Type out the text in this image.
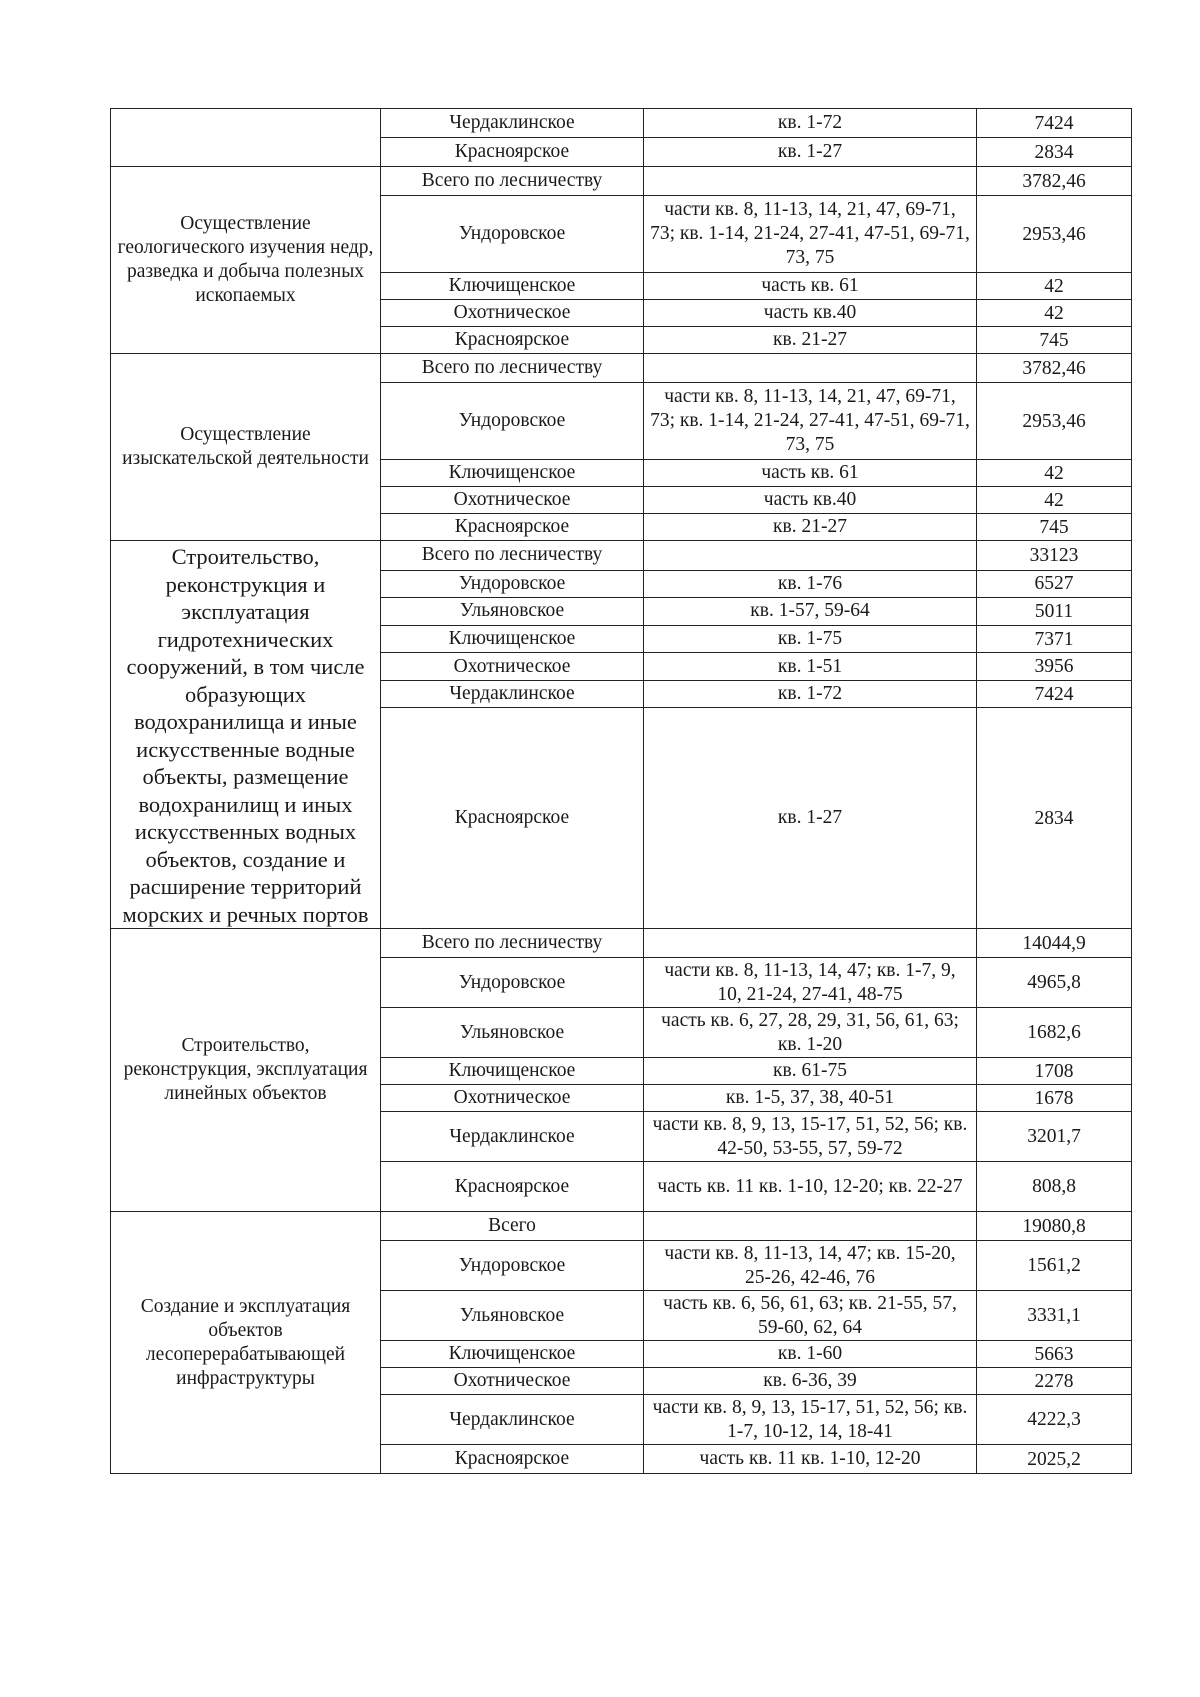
	Чердаклинское	кв. 1-72	7424
	Красноярское	кв. 1-27	2834
Осуществление геологического изучения недр, разведка и добыча полезных ископаемых	Всего по лесничеству		3782,46
	Ундоровское	части кв. 8, 11-13, 14, 21, 47, 69-71, 73; кв. 1-14, 21-24, 27-41, 47-51, 69-71, 73, 75	2953,46
	Ключищенское	часть кв. 61	42
	Охотническое	часть кв.40	42
	Красноярское	кв. 21-27	745
Осуществление изыскательской деятельности	Всего по лесничеству		3782,46
	Ундоровское	части кв. 8, 11-13, 14, 21, 47, 69-71, 73; кв. 1-14, 21-24, 27-41, 47-51, 69-71, 73, 75	2953,46
	Ключищенское	часть кв. 61	42
	Охотническое	часть кв.40	42
	Красноярское	кв. 21-27	745
Строительство, реконструкция и эксплуатация гидротехнических сооружений, в том числе образующих водохранилища и иные искусственные водные объекты, размещение водохранилищ и иных искусственных водных объектов, создание и расширение территорий морских и речных портов	Всего по лесничеству		33123
	Ундоровское	кв. 1-76	6527
	Ульяновское	кв. 1-57, 59-64	5011
	Ключищенское	кв. 1-75	7371
	Охотническое	кв. 1-51	3956
	Чердаклинское	кв. 1-72	7424
	Красноярское	кв. 1-27	2834
Строительство, реконструкция, эксплуатация линейных объектов	Всего по лесничеству		14044,9
	Ундоровское	части кв. 8, 11-13, 14, 47; кв. 1-7, 9, 10, 21-24, 27-41, 48-75	4965,8
	Ульяновское	часть кв. 6, 27, 28, 29, 31, 56, 61, 63; кв. 1-20	1682,6
	Ключищенское	кв. 61-75	1708
	Охотническое	кв. 1-5, 37, 38, 40-51	1678
	Чердаклинское	части кв. 8, 9, 13, 15-17, 51, 52, 56; кв. 42-50, 53-55, 57, 59-72	3201,7
	Красноярское	часть кв. 11 кв. 1-10, 12-20; кв. 22-27	808,8
Создание и эксплуатация объектов лесоперерабатывающей инфраструктуры	Всего		19080,8
	Ундоровское	части кв. 8, 11-13, 14, 47; кв. 15-20, 25-26, 42-46, 76	1561,2
	Ульяновское	часть кв. 6, 56, 61, 63; кв. 21-55, 57, 59-60, 62, 64	3331,1
	Ключищенское	кв. 1-60	5663
	Охотническое	кв. 6-36, 39	2278
	Чердаклинское	части кв. 8, 9, 13, 15-17, 51, 52, 56; кв. 1-7, 10-12, 14, 18-41	4222,3
	Красноярское	часть кв. 11 кв. 1-10, 12-20	2025,2
